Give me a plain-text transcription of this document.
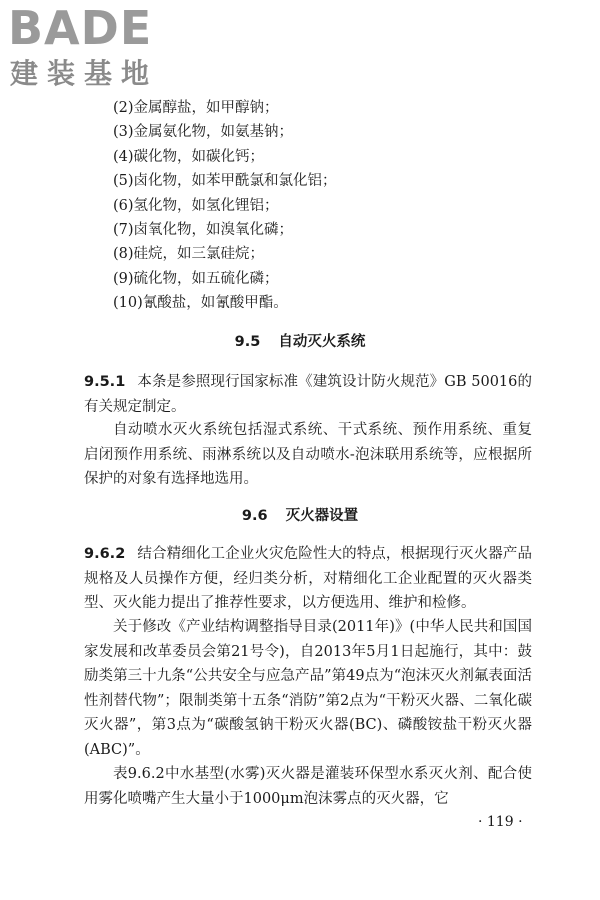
BADE
建装基地
(2)金属醇盐，如甲醇钠；
(3)金属氨化物，如氨基钠；
(4)碳化物，如碳化钙；
(5)卤化物，如苯甲酰氯和氯化铝；
(6)氢化物，如氢化锂铝；
(7)卤氧化物，如溴氧化磷；
(8)硅烷，如三氯硅烷；
(9)硫化物，如五硫化磷；
(10)氰酸盐，如氰酸甲酯。
9.5 自动灭火系统

9.5.1 本条是参照现行国家标准《建筑设计防火规范》GB 50016的有关规定制定。

自动喷水灭火系统包括湿式系统、干式系统、预作用系统、重复启闭预作用系统、雨淋系统以及自动喷水-泡沫联用系统等，应根据所保护的对象有选择地选用。

9.6 灭火器设置

9.6.2 结合精细化工企业火灾危险性大的特点，根据现行灭火器产品规格及人员操作方便，经归类分析，对精细化工企业配置的灭火器类型、灭火能力提出了推荐性要求，以方便选用、维护和检修。

关于修改《产业结构调整指导目录(2011年)》(中华人民共和国国家发展和改革委员会第21号令)，自2013年5月1日起施行，其中：鼓励类第三十九条“公共安全与应急产品”第49点为“泡沫灭火剂氟表面活性剂替代物”；限制类第十五条“消防”第2点为“干粉灭火器、二氧化碳灭火器”，第3点为“碳酸氢钠干粉灭火器(BC)、磷酸铵盐干粉灭火器(ABC)”。

表9.6.2中水基型(水雾)灭火器是灌装环保型水系灭火剂、配合使用雾化喷嘴产生大量小于1000μm泡沫雾点的灭火器，它

· 119 ·
